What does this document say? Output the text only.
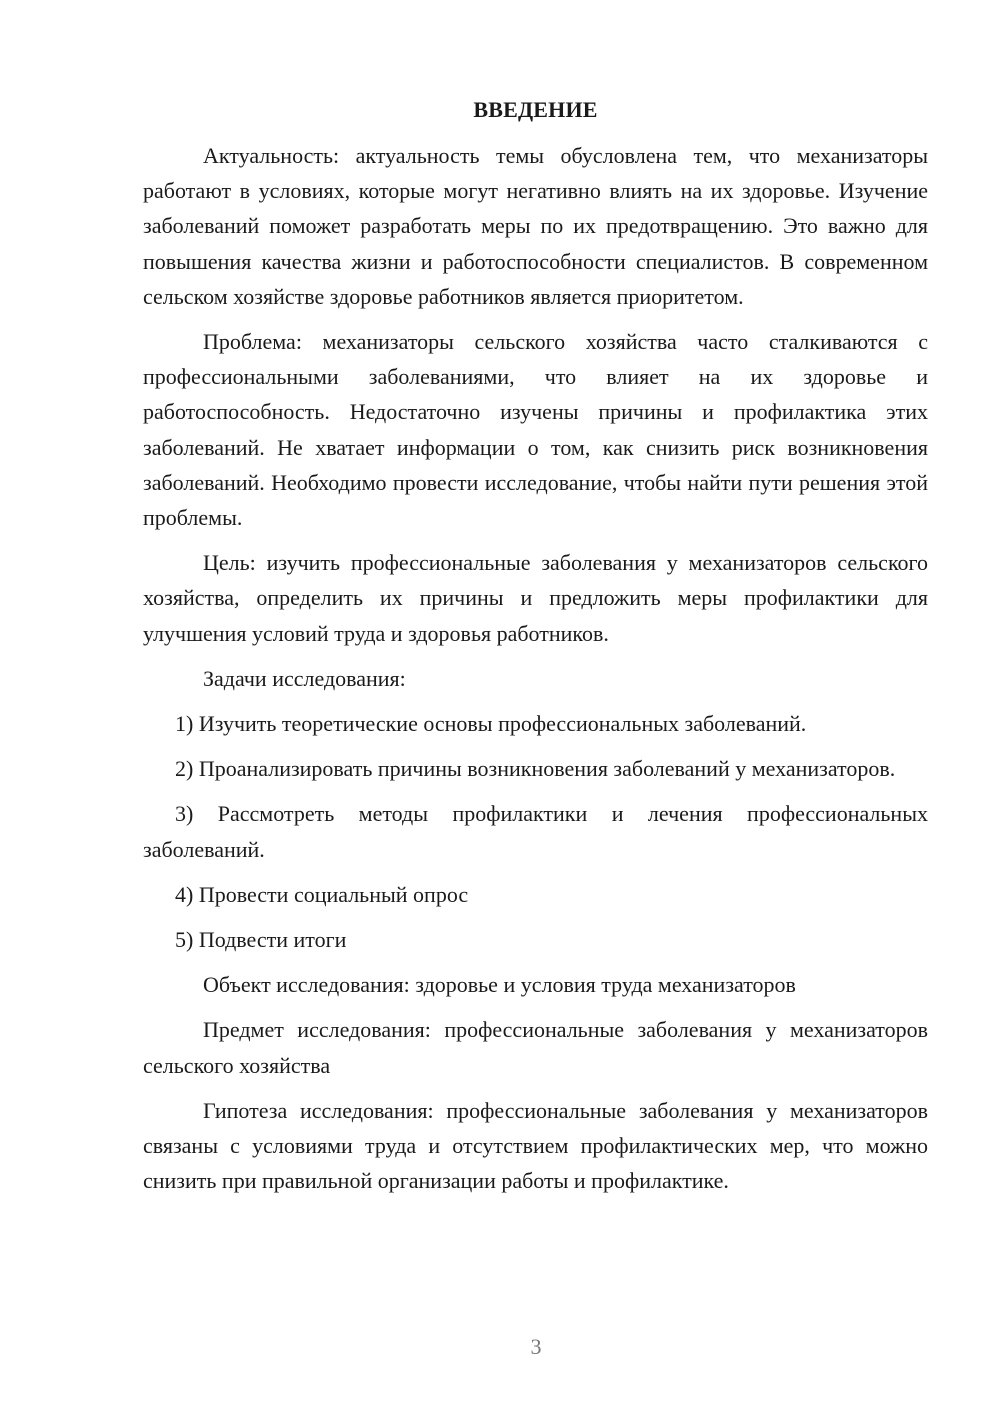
ВВЕДЕНИЕ

Актуальность: актуальность темы обусловлена тем, что механизаторы работают в условиях, которые могут негативно влиять на их здоровье. Изучение заболеваний поможет разработать меры по их предотвращению. Это важно для повышения качества жизни и работоспособности специалистов. В современном сельском хозяйстве здоровье работников является приоритетом.

Проблема: механизаторы сельского хозяйства часто сталкиваются с профессиональными заболеваниями, что влияет на их здоровье и работоспособность. Недостаточно изучены причины и профилактика этих заболеваний. Не хватает информации о том, как снизить риск возникновения заболеваний. Необходимо провести исследование, чтобы найти пути решения этой проблемы.

Цель: изучить профессиональные заболевания у механизаторов сельского хозяйства, определить их причины и предложить меры профилактики для улучшения условий труда и здоровья работников.

Задачи исследования:

1) Изучить теоретические основы профессиональных заболеваний.

2) Проанализировать причины возникновения заболеваний у механизаторов.

3) Рассмотреть методы профилактики и лечения профессиональных заболеваний.

4) Провести социальный опрос

5) Подвести итоги

Объект исследования: здоровье и условия труда механизаторов

Предмет исследования: профессиональные заболевания у механизаторов сельского хозяйства

Гипотеза исследования: профессиональные заболевания у механизаторов связаны с условиями труда и отсутствием профилактических мер, что можно снизить при правильной организации работы и профилактике.

3
